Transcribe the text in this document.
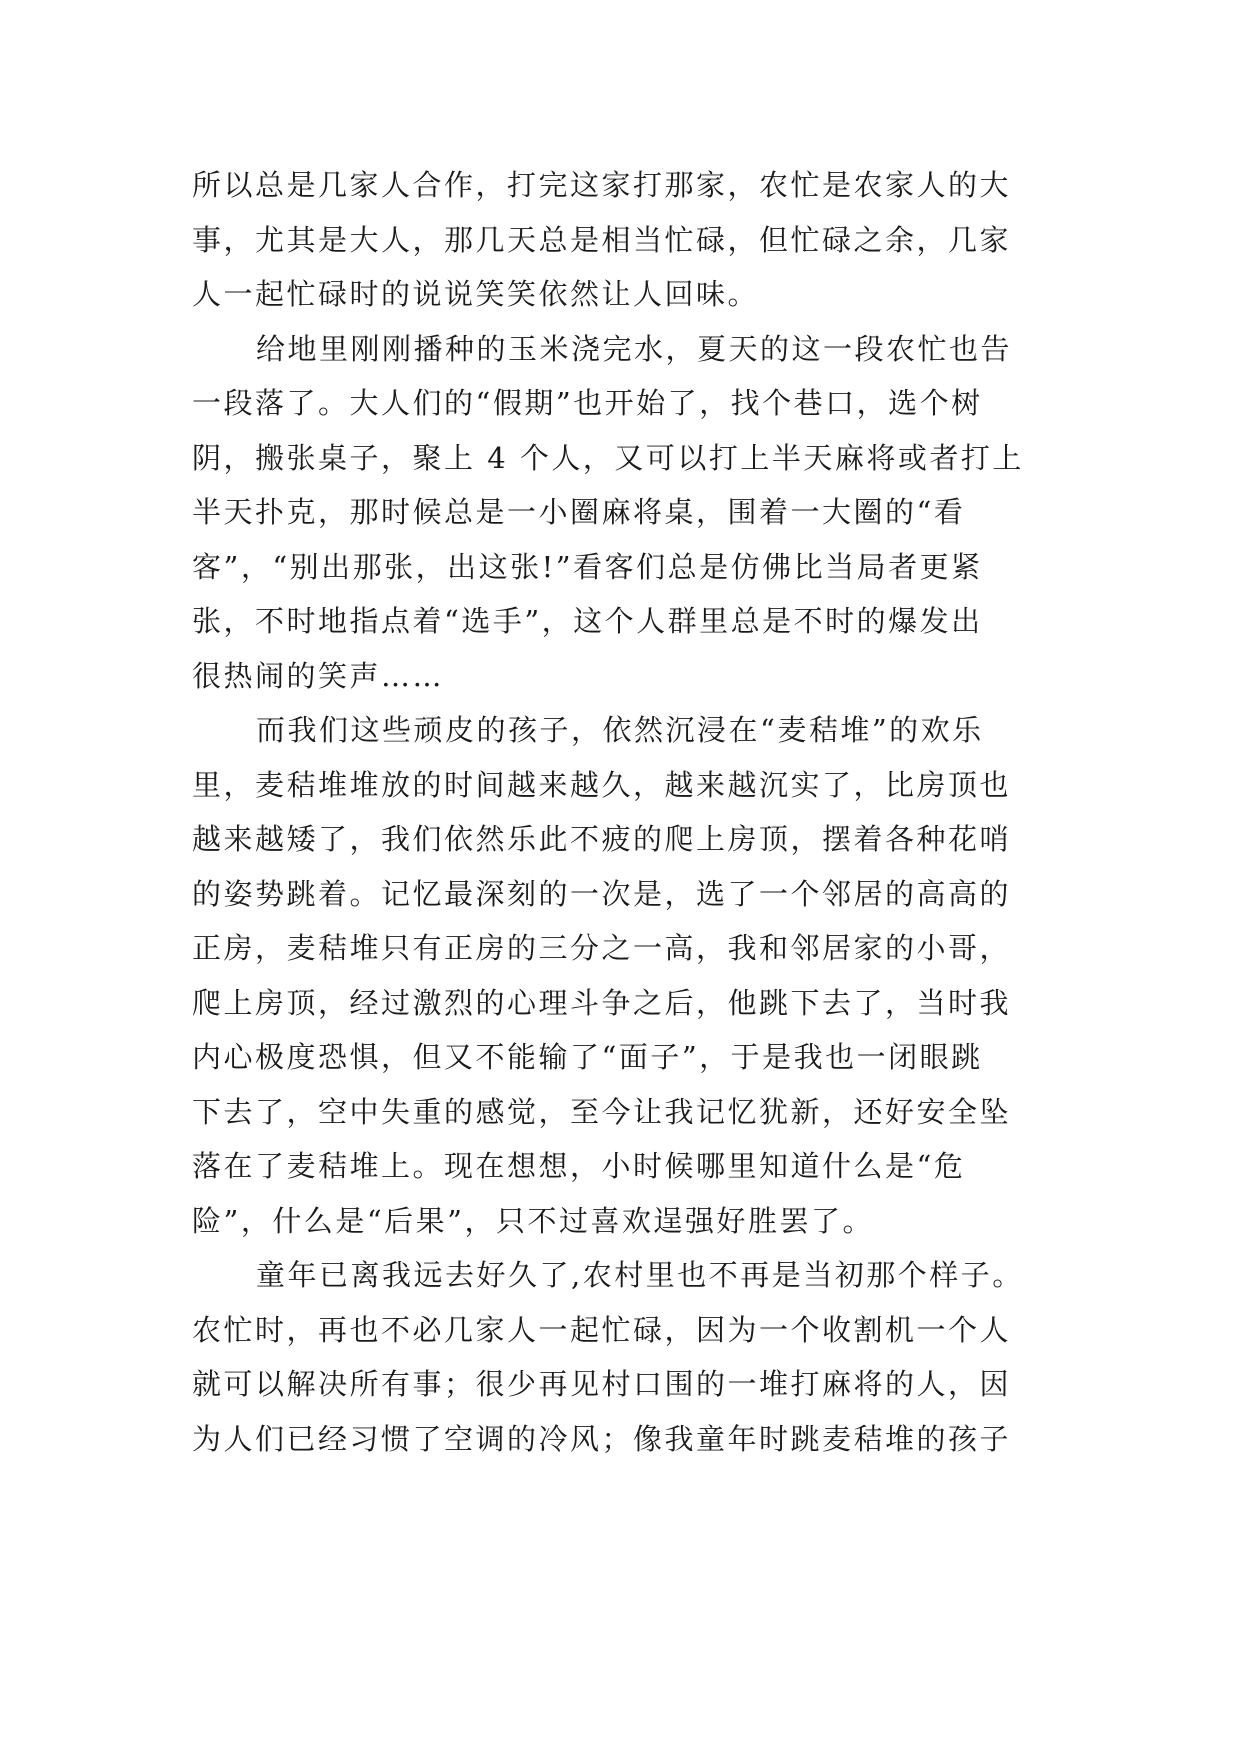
所以总是几家人合作，打完这家打那家，农忙是农家人的大
事，尤其是大人，那几天总是相当忙碌，但忙碌之余，几家
人一起忙碌时的说说笑笑依然让人回味。
给地里刚刚播种的玉米浇完水，夏天的这一段农忙也告
一段落了。大人们的“假期”也开始了，找个巷口，选个树
阴，搬张桌子，聚上 4 个人，又可以打上半天麻将或者打上
半天扑克，那时候总是一小圈麻将桌，围着一大圈的“看
客”，“别出那张，出这张!”看客们总是仿佛比当局者更紧
张，不时地指点着“选手”，这个人群里总是不时的爆发出
很热闹的笑声……
而我们这些顽皮的孩子，依然沉浸在“麦秸堆”的欢乐
里，麦秸堆堆放的时间越来越久，越来越沉实了，比房顶也
越来越矮了，我们依然乐此不疲的爬上房顶，摆着各种花哨
的姿势跳着。记忆最深刻的一次是，选了一个邻居的高高的
正房，麦秸堆只有正房的三分之一高，我和邻居家的小哥，
爬上房顶，经过激烈的心理斗争之后，他跳下去了，当时我
内心极度恐惧，但又不能输了“面子”，于是我也一闭眼跳
下去了，空中失重的感觉，至今让我记忆犹新，还好安全坠
落在了麦秸堆上。现在想想，小时候哪里知道什么是“危
险”，什么是“后果”，只不过喜欢逞强好胜罢了。
童年已离我远去好久了,农村里也不再是当初那个样子。
农忙时，再也不必几家人一起忙碌，因为一个收割机一个人
就可以解决所有事；很少再见村口围的一堆打麻将的人，因
为人们已经习惯了空调的冷风；像我童年时跳麦秸堆的孩子
